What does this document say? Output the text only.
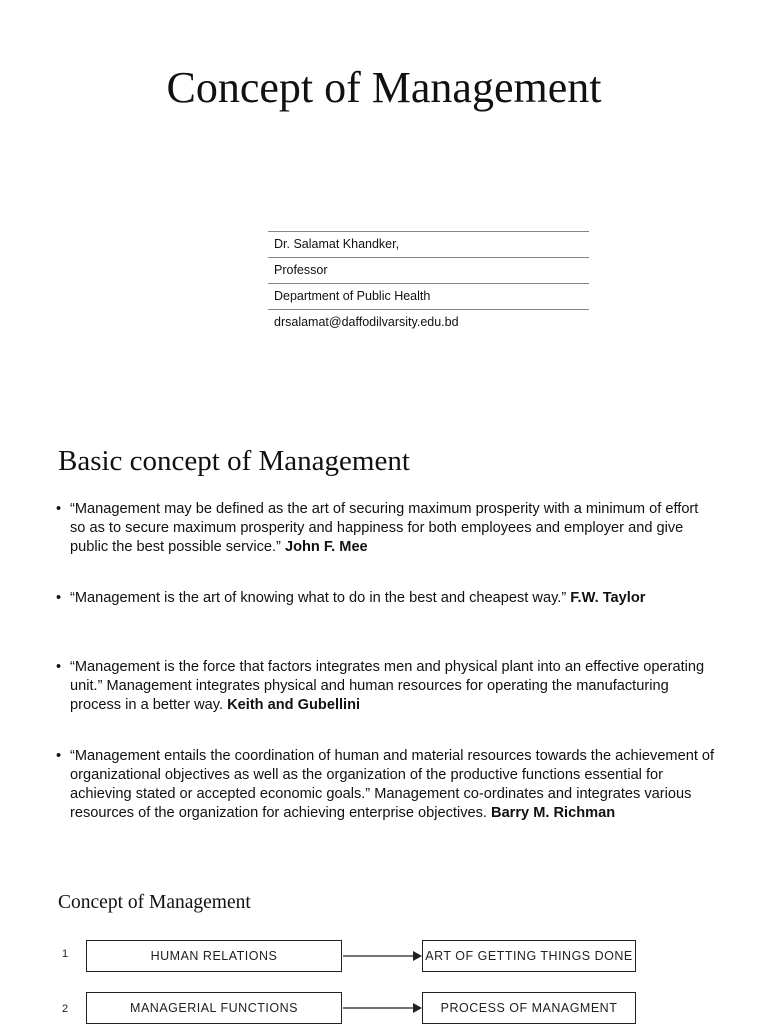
Concept of Management
Dr. Salamat Khandker,
Professor
Department of Public Health
drsalamat@daffodilvarsity.edu.bd
Basic concept of Management
• “Management may be defined as the art of securing maximum prosperity with a minimum of effort so as to secure maximum prosperity and happiness for both employees and employer and give public the best possible service.” John F. Mee
• “Management is the art of knowing what to do in the best and cheapest way.” F.W. Taylor
• “Management is the force that factors integrates men and physical plant into an effective operating unit.” Management integrates physical and human resources for operating the manufacturing process in a better way. Keith and Gubellini
• “Management entails the coordination of human and material resources towards the achievement of organizational objectives as well as the organization of the productive functions essential for achieving stated or accepted economic goals.” Management co-ordinates and integrates various resources of the organization for achieving enterprise objectives. Barry M. Richman
Concept of Management
1	HUMAN RELATIONS	ART OF GETTING THINGS DONE
2	MANAGERIAL FUNCTIONS	PROCESS OF MANAGMENT
